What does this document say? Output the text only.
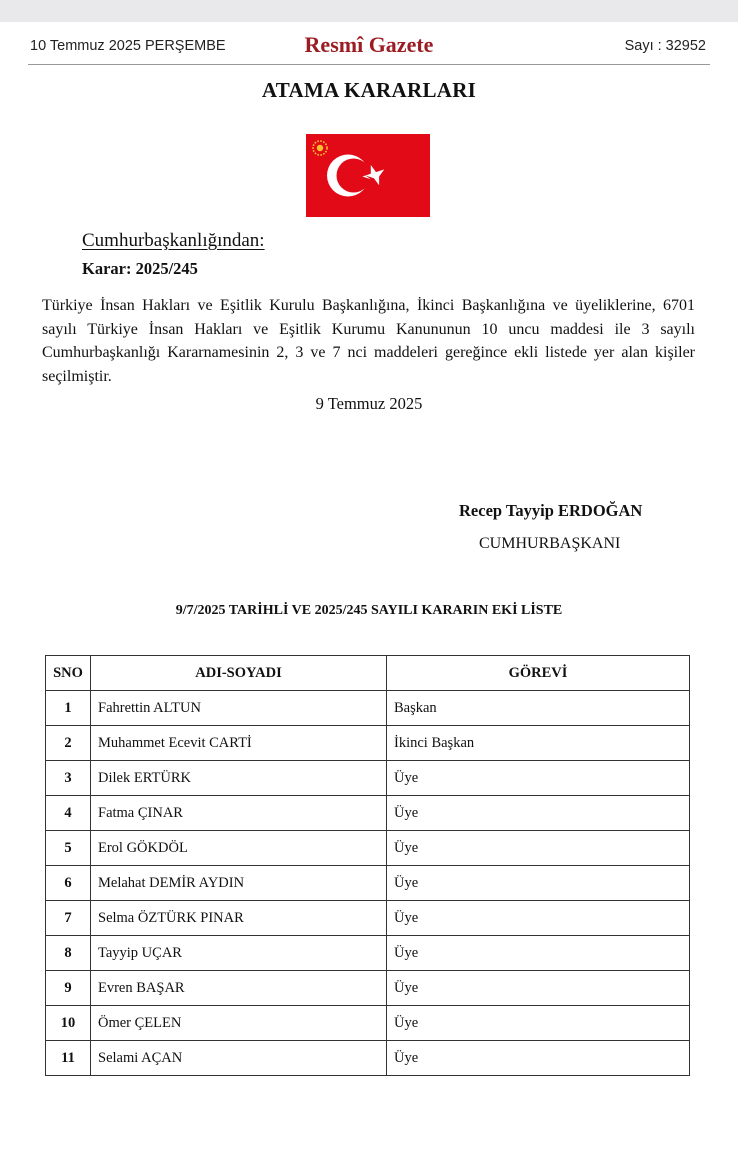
10 Temmuz 2025 PERŞEMBE	Resmî Gazete	Sayı : 32952
ATAMA KARARLARI
Cumhurbaşkanlığından:
Karar: 2025/245
Türkiye İnsan Hakları ve Eşitlik Kurulu Başkanlığına, İkinci Başkanlığına ve üyeliklerine, 6701 sayılı Türkiye İnsan Hakları ve Eşitlik Kurumu Kanununun 10 uncu maddesi ile 3 sayılı Cumhurbaşkanlığı Kararnamesinin 2, 3 ve 7 nci maddeleri gereğince ekli listede yer alan kişiler seçilmiştir.
9 Temmuz 2025
Recep Tayyip ERDOĞAN
CUMHURBAŞKANI
9/7/2025 TARİHLİ VE 2025/245 SAYILI KARARIN EKİ LİSTE
SNO	ADI-SOYADI	GÖREVİ
1	Fahrettin ALTUN	Başkan
2	Muhammet Ecevit CARTİ	İkinci Başkan
3	Dilek ERTÜRK	Üye
4	Fatma ÇINAR	Üye
5	Erol GÖKDÖL	Üye
6	Melahat DEMİR AYDIN	Üye
7	Selma ÖZTÜRK PINAR	Üye
8	Tayyip UÇAR	Üye
9	Evren BAŞAR	Üye
10	Ömer ÇELEN	Üye
11	Selami AÇAN	Üye
